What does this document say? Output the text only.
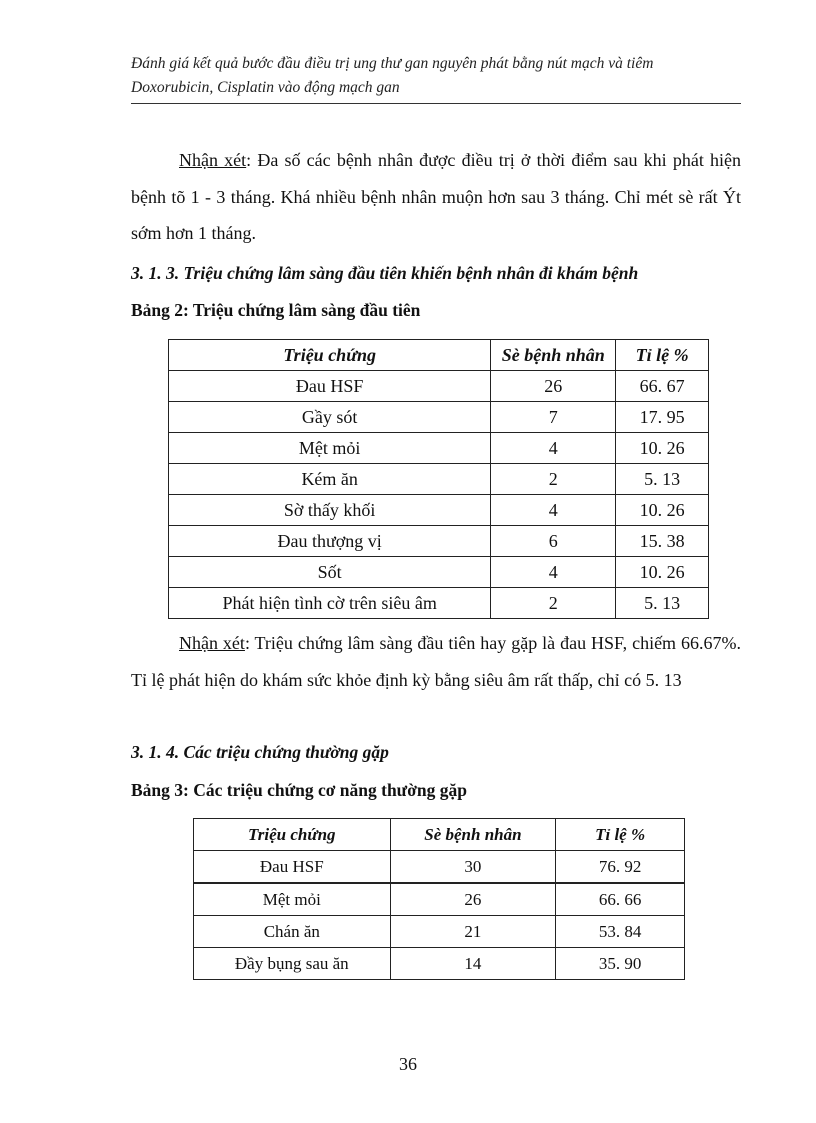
Đánh giá kết quả bước đầu điều trị ung thư gan nguyên phát bằng nút mạch và tiêm
Doxorubicin, Cisplatin vào động mạch gan
Nhận xét: Đa số các bệnh nhân được điều trị ở thời điểm sau khi phát hiện bệnh tõ 1 - 3 tháng. Khá nhiều bệnh nhân muộn hơn sau 3 tháng. Chỉ mét sè rất Ýt sớm hơn 1 tháng.
3. 1. 3. Triệu chứng lâm sàng đầu tiên khiến bệnh nhân đi khám bệnh
Bảng 2: Triệu chứng lâm sàng đầu tiên
Triệu chứng	Sè bệnh nhân	Tỉ lệ %
Đau HSF	26	66. 67
Gầy sót	7	17. 95
Mệt mỏi	4	10. 26
Kém ăn	2	5. 13
Sờ thấy khối	4	10. 26
Đau thượng vị	6	15. 38
Sốt	4	10. 26
Phát hiện tình cờ trên siêu âm	2	5. 13
Nhận xét: Triệu chứng lâm sàng đầu tiên hay gặp là đau HSF, chiếm 66.67%. Tỉ lệ phát hiện do khám sức khỏe định kỳ bằng siêu âm rất thấp, chỉ có 5. 13
3. 1. 4. Các triệu chứng thường gặp
Bảng 3: Các triệu chứng cơ năng thường gặp
Triệu chứng	Sè bệnh nhân	Tỉ lệ %
Đau HSF	30	76. 92
Mệt mỏi	26	66. 66
Chán ăn	21	53. 84
Đầy bụng sau ăn	14	35. 90
36
